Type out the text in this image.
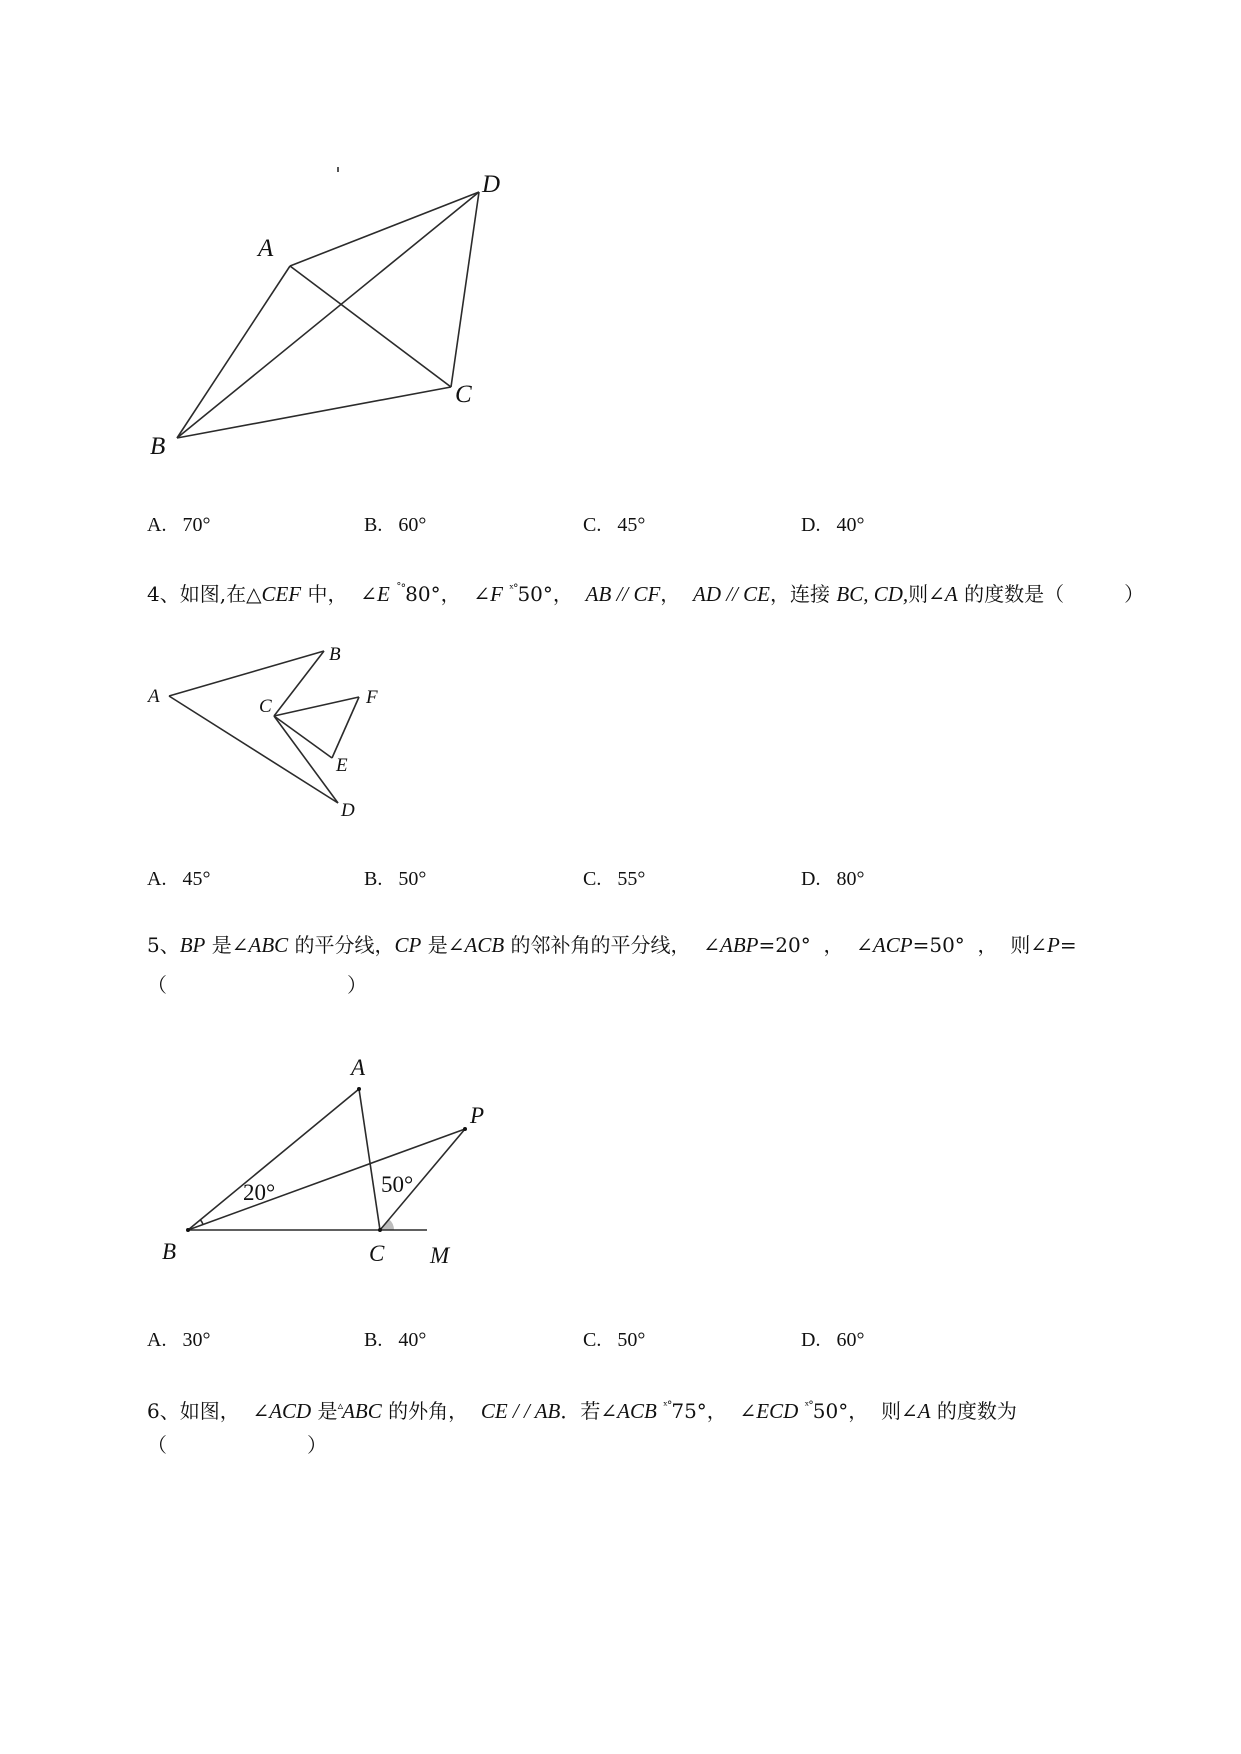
D
A
C
B
A. 70°	B. 60°	C. 45°	D. 40°
4、如图,在△CEF 中，  ∠E ˚°80°，  ∠F $^{ˣ^\circ}$50°，  AB // CF，  AD // CE，连接 BC, CD,则∠A 的度数是（　　　）
A
B
C	F
E
D
A. 45°	B. 50°	C. 55°	D. 80°
5、BP 是∠ABC 的平分线，CP 是∠ACB 的邻补角的平分线，  ∠ABP=20°  ，  ∠ACP=50°  ，  则∠P=
（　　　　　　　　　）
A
P
B	C M
20°	50°
A. 30°	B. 40°	C. 50°	D. 60°
6、如图，  ∠ACD 是▵ABC 的外角，  CE / / AB．若∠ACB $^{ˣ^\circ}$75°，  ∠ECD $^{ˣ^\circ}$50°，  则∠A 的度数为
（　　　　　　　）
